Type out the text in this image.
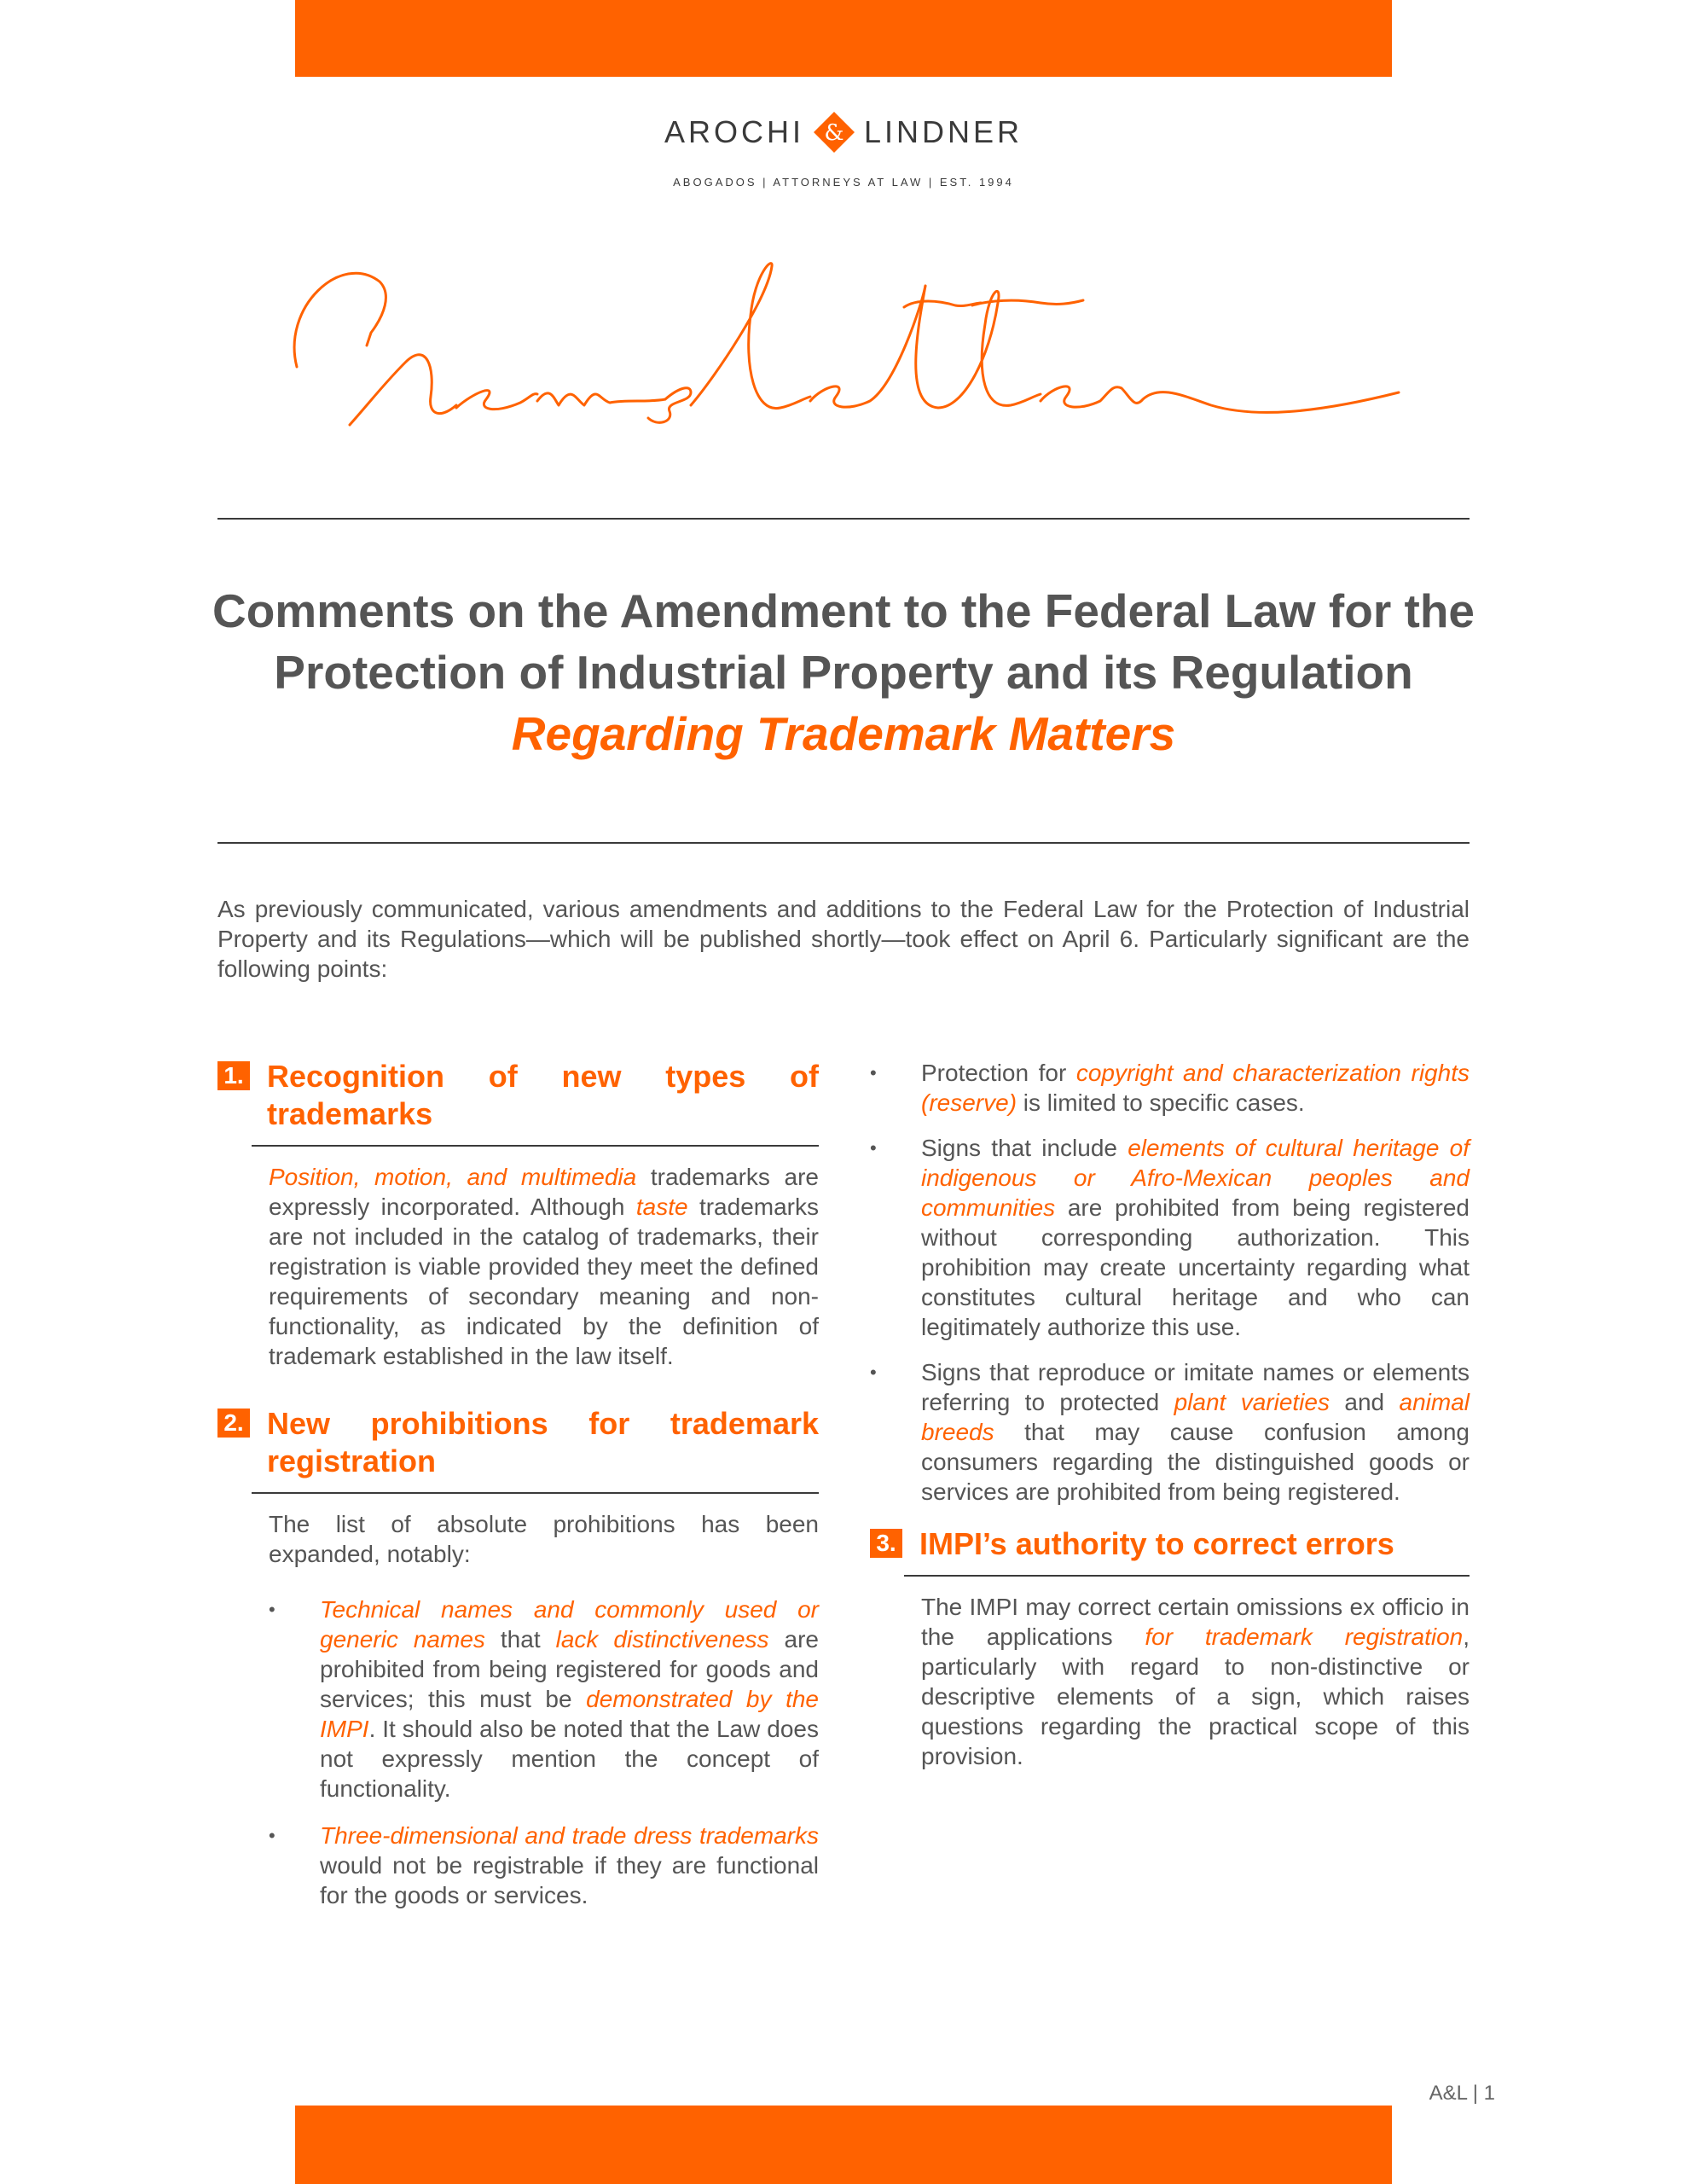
AROCHI & LINDNER
ABOGADOS | ATTORNEYS AT LAW | EST. 1994
Comments on the Amendment to the Federal Law for the Protection of Industrial Property and its Regulation Regarding Trademark Matters

As previously communicated, various amendments and additions to the Federal Law for the Protection of Industrial Property and its Regulations—which will be published shortly—took effect on April 6. Particularly significant are the following points:

1. Recognition of new types of trademarks

Position, motion, and multimedia trademarks are expressly incorporated. Although taste trademarks are not included in the catalog of trademarks, their registration is viable provided they meet the defined requirements of secondary meaning and non-functionality, as indicated by the definition of trademark established in the law itself.

2. New prohibitions for trademark registration

The list of absolute prohibitions has been expanded, notably:

• Technical names and commonly used or generic names that lack distinctiveness are prohibited from being registered for goods and services; this must be demonstrated by the IMPI. It should also be noted that the Law does not expressly mention the concept of functionality.
• Three-dimensional and trade dress trademarks would not be registrable if they are functional for the goods or services.
• Protection for copyright and characterization rights (reserve) is limited to specific cases.
• Signs that include elements of cultural heritage of indigenous or Afro-Mexican peoples and communities are prohibited from being registered without corresponding authorization. This prohibition may create uncertainty regarding what constitutes cultural heritage and who can legitimately authorize this use.
• Signs that reproduce or imitate names or elements referring to protected plant varieties and animal breeds that may cause confusion among consumers regarding the distinguished goods or services are prohibited from being registered.
3. IMPI’s authority to correct errors

The IMPI may correct certain omissions ex officio in the applications for trademark registration, particularly with regard to non-distinctive or descriptive elements of a sign, which raises questions regarding the practical scope of this provision.

A&L | 1
